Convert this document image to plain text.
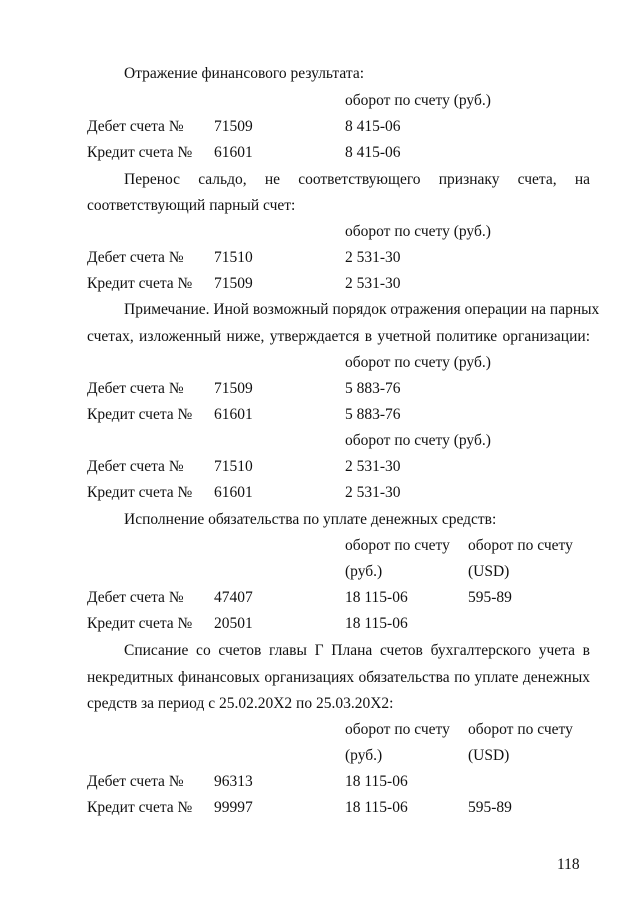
Отражение финансового результата:
оборот по счету (руб.)
Дебет счета № 71509	8 415-06
Кредит счета № 61601	8 415-06
Перенос сальдо, не соответствующего признаку счета, на
соответствующий парный счет:
оборот по счету (руб.)
Дебет счета № 71510	2 531-30
Кредит счета № 71509	2 531-30
Примечание. Иной возможный порядок отражения операции на парных
счетах, изложенный ниже, утверждается в учетной политике организации:
оборот по счету (руб.)
Дебет счета № 71509	5 883-76
Кредит счета № 61601	5 883-76
оборот по счету (руб.)
Дебет счета № 71510	2 531-30
Кредит счета № 61601	2 531-30
Исполнение обязательства по уплате денежных средств:
оборот по счету оборот по счету
(руб.)	(USD)
Дебет счета № 47407	18 115-06	595-89
Кредит счета № 20501	18 115-06
Списание со счетов главы Г Плана счетов бухгалтерского учета в
некредитных финансовых организациях обязательства по уплате денежных
средств за период с 25.02.20Х2 по 25.03.20Х2:
оборот по счету оборот по счету
(руб.)	(USD)
Дебет счета № 96313	18 115-06
Кредит счета № 99997	18 115-06	595-89
118
